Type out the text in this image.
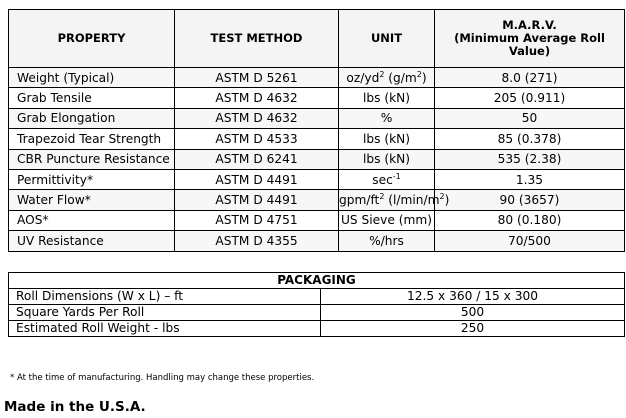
PROPERTY	TEST METHOD	UNIT	M.A.R.V.
(Minimum Average Roll
Value)
Weight (Typical)	ASTM D 5261	$oz/yd^2$ $(g/m^2)$	8.0 (271)
Grab Tensile	ASTM D 4632	lbs (kN)	205 (0.911)
Grab Elongation	ASTM D 4632	%	50
Trapezoid Tear Strength	ASTM D 4533	lbs (kN)	85 (0.378)
CBR Puncture Resistance	ASTM D 6241	lbs (kN)	535 (2.38)
Permittivity*	ASTM D 4491	$\sec^{-1}$	1.35
Water Flow*	ASTM D 4491	gpm/$ft^2$ $(l/\min/m^2)$	90 (3657)
AOS*	ASTM D 4751	US Sieve (mm)	80 (0.180)
UV Resistance	ASTM D 4355	%/hrs	70/500
PACKAGING	
Roll Dimensions (W x L) – ft	12.5 x 360 / 15 x 300
Square Yards Per Roll	500
Estimated Roll Weight - lbs	250
* At the time of manufacturing. Handling may change these properties.
Made in the U.S.A.
